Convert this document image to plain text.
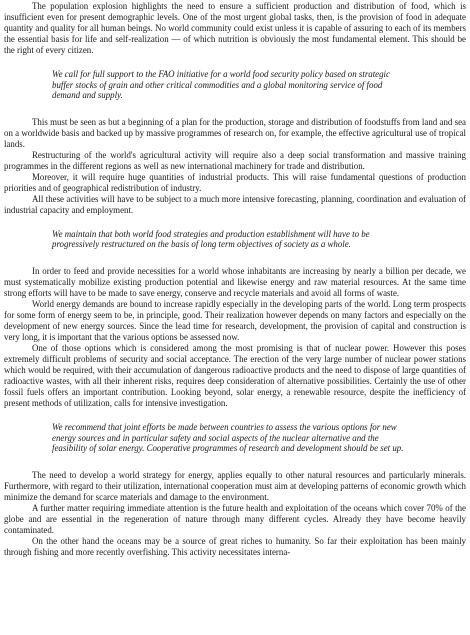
The population explosion highlights the need to ensure a sufficient production and distribution of food, which is insufficient even for present demographic levels. One of the most urgent global tasks, then, is the provision of food in adequate quantity and quality for all human beings. No world community could exist unless it is capable of assuring to each of its members the essential basis for life and self-realization — of which nutrition is obviously the most fundamental element. This should be the right of every citizen.

We call for full support to the FAO initiative for a world food security policy based on strategic buffer stocks of grain and other critical commodities and a global monitoring service of food demand and supply.

This must be seen as but a beginning of a plan for the production, storage and distribution of foodstuffs from land and sea on a worldwide basis and backed up by massive programmes of research on, for example, the effective agricultural use of tropical lands.

Restructuring of the world's agricultural activity will require also a deep social transformation and massive training programmes in the different regions as well as new international machinery for trade and distribution.

Moreover, it will require huge quantities of industrial products. This will raise fundamental questions of production priorities and of geographical redistribution of industry.

All these activities will have to be subject to a much more intensive forecasting, planning, coordination and evaluation of industrial capacity and employment.

We maintain that both world food strategies and production establishment will have to be progressively restructured on the basis of long term objectives of society as a whole.

In order to feed and provide necessities for a world whose inhabitants are increasing by nearly a billion per decade, we must systematically mobilize existing production potential and likewise energy and raw material resources. At the same time strong efforts will have to be made to save energy, conserve and recycle materials and avoid all forms of waste.

World energy demands are bound to increase rapidly especially in the developing parts of the world. Long term prospects for some form of energy seem to be, in principle, good. Their realization however depends on many factors and especially on the development of new energy sources. Since the lead time for research, development, the provision of capital and construction is very long, it is important that the various options be assessed now.

One of those options which is considered among the most promising is that of nuclear power. However this poses extremely difficult problems of security and social acceptance. The erection of the very large number of nuclear power stations which would be required, with their accumulation of dangerous radioactive products and the need to dispose of large quantities of radioactive wastes, with all their inherent risks, requires deep consideration of alternative possibilities. Certainly the use of other fossil fuels offers an important contribution. Looking beyond, solar energy, a renewable resource, despite the inefficiency of present methods of utilization, calls for intensive investigation.

We recommend that joint efforts be made between countries to assess the various options for new energy sources and in particular safety and social aspects of the nuclear alternative and the feasibility of solar energy. Cooperative programmes of research and development should be set up.

The need to develop a world strategy for energy, applies equally to other natural resources and particularly minerals. Furthermore, with regard to their utilization, international cooperation must aim at developing patterns of economic growth which minimize the demand for scarce materials and damage to the environment.

A further matter requiring immediate attention is the future health and exploitation of the oceans which cover 70% of the globe and are essential in the regeneration of nature through many different cycles. Already they have become heavily contaminated.

On the other hand the oceans may be a source of great riches to humanity. So far their exploitation has been mainly through fishing and more recently overfishing. This activity necessitates interna-
